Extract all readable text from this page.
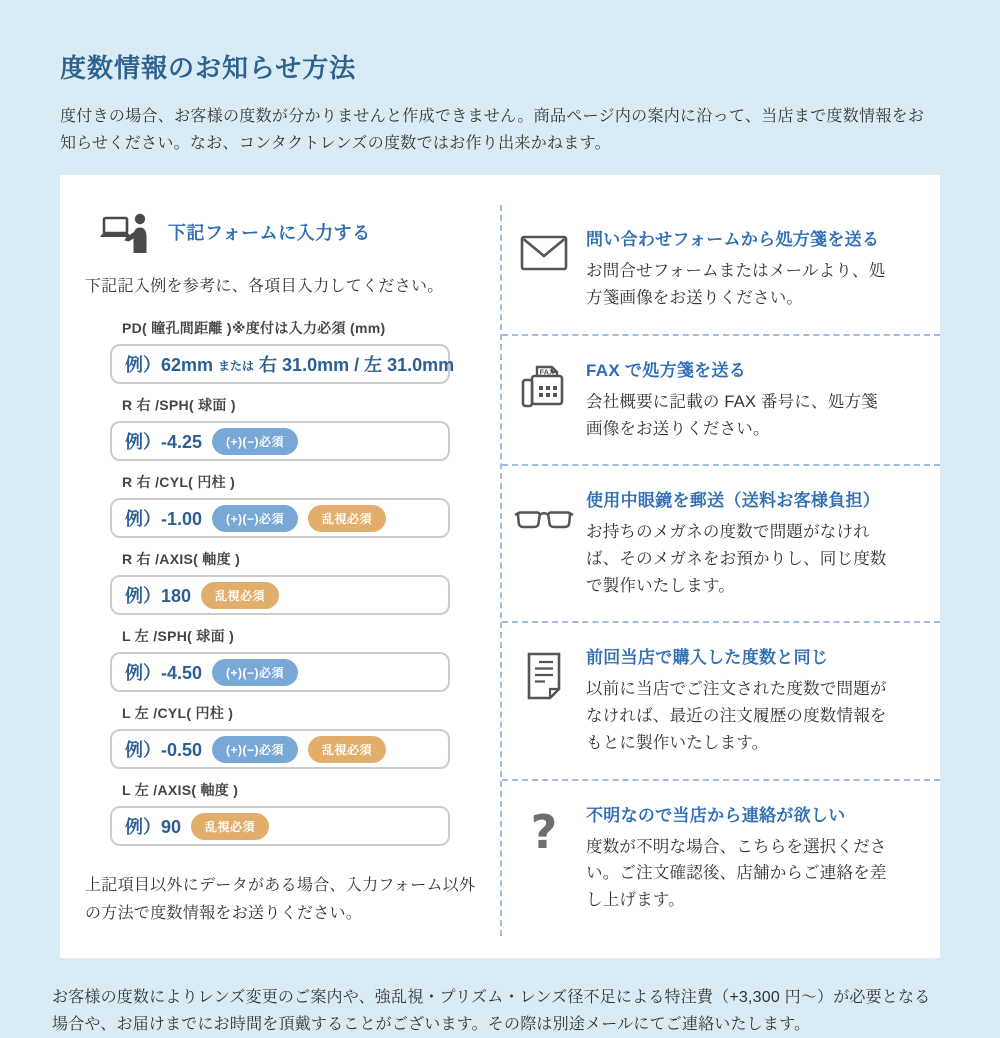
度数情報のお知らせ方法

度付きの場合、お客様の度数が分かりませんと作成できません。商品ページ内の案内に沿って、当店まで度数情報をお知らせください。なお、コンタクトレンズの度数ではお作り出来かねます。

下記フォームに入力する

下記記入例を参考に、各項目入力してください。

PD( 瞳孔間距離 )※度付は入力必須 (mm)
例）62mm または 右 31.0mm / 左 31.0mm
R 右 /SPH( 球面 )
例）-4.25	(+)(−)必須
R 右 /CYL( 円柱 )
例）-1.00	(+)(−)必須	乱視必須
R 右 /AXIS( 軸度 )
例）180	乱視必須
L 左 /SPH( 球面 )
例）-4.50	(+)(−)必須
L 左 /CYL( 円柱 )
例）-0.50	(+)(−)必須	乱視必須
L 左 /AXIS( 軸度 )
例）90	乱視必須

上記項目以外にデータがある場合、入力フォーム以外の方法で度数情報をお送りください。

問い合わせフォームから処方箋を送る
お問合せフォームまたはメールより、処方箋画像をお送りください。
FAX FAX で処方箋を送る
会社概要に記載の FAX 番号に、処方箋画像をお送りください。
使用中眼鏡を郵送（送料お客様負担）
お持ちのメガネの度数で問題がなければ、そのメガネをお預かりし、同じ度数で製作いたします。
前回当店で購入した度数と同じ
以前に当店でご注文された度数で問題がなければ、最近の注文履歴の度数情報をもとに製作いたします。
? 不明なので当店から連絡が欲しい
度数が不明な場合、こちらを選択ください。ご注文確認後、店舗からご連絡を差し上げます。

お客様の度数によりレンズ変更のご案内や、強乱視・プリズム・レンズ径不足による特注費（+3,300 円〜）が必要となる場合や、お届けまでにお時間を頂戴することがございます。その際は別途メールにてご連絡いたします。
